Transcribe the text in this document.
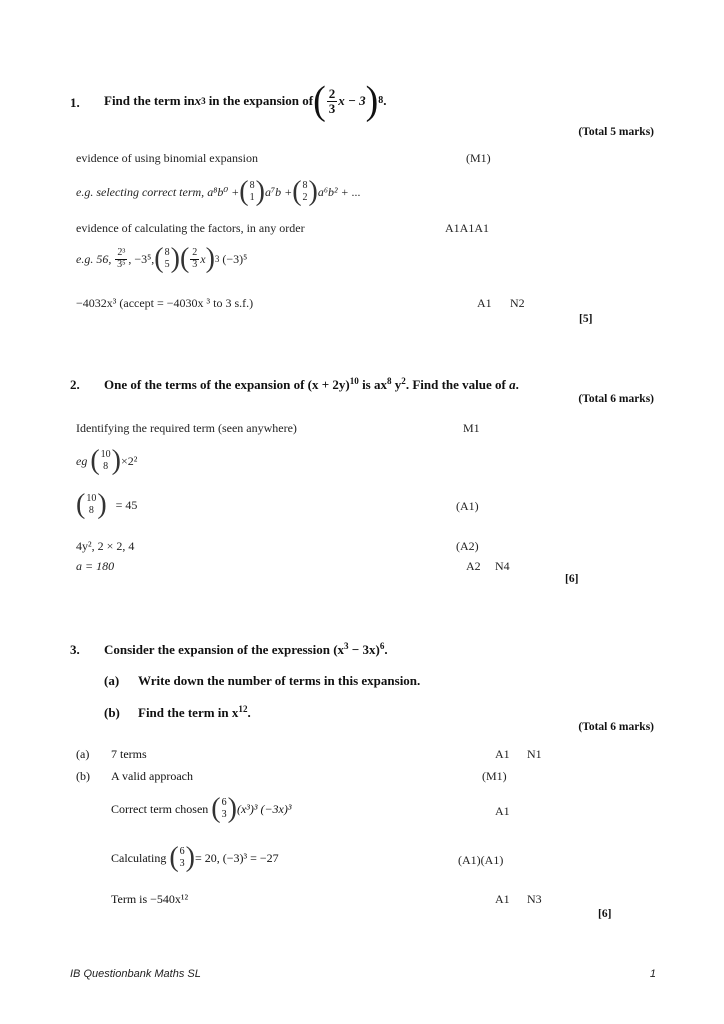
1. Find the term in x 3 in the expansion of ( $\frac{2}{3}$ x − 3 ) 8 .
(Total 5 marks)
evidence of using binomial expansion	(M1)
e.g. selecting correct term,
a⁸b⁰ + ( 8
1 ) a⁷b + ( 8
2 ) a⁶b² + ...
evidence of calculating the factors, in any order	A1A1A1
e.g. 56,
$\frac{\text{2³}}{\text{3⁵}}$ , −3⁵, ( 8
5 ) ( $\frac{2}{3}$ x ) 3
(−3)⁵
−4032x³ (accept = −4030x ³ to 3 s.f.)	A1 N2
[5]
2. One of the terms of the expansion of $(x + 2y)^{10}$ is $ax^8$ $y^2$. Find the value of a.
(Total 6 marks)
Identifying the required term (seen anywhere)	M1
eg
( 10
8 ) ×2²
( 10
8 )
= 45	(A1)
4y², 2 × 2, 4	(A2)
a = 180	A2 N4
[6]
3. Consider the expansion of the expression $(x^3 - 3x)^6$.
(a) Write down the number of terms in this expansion.
(b) Find the term in $x^{12}$.
(Total 6 marks)
(a) 7 terms	A1 N1
(b) A valid approach	(M1)
Correct term chosen
( 6
3 ) (x³)³ (−3x)³	A1
Calculating
( 6
3 ) = 20, (−3)³ = −27	(A1)(A1)
Term is −540x¹²	A1 N3
[6]
IB Questionbank Maths SL	1
